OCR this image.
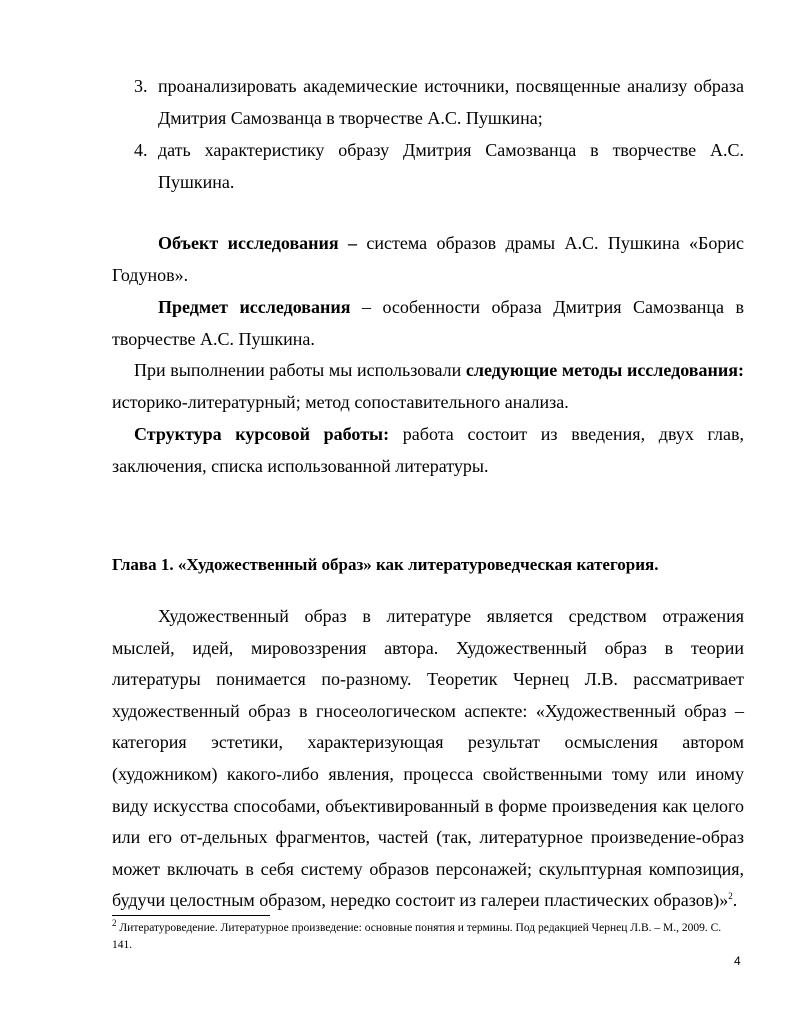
3. проанализировать академические источники, посвященные анализу образа Дмитрия Самозванца в творчестве А.С. Пушкина;
4. дать характеристику образу Дмитрия Самозванца в творчестве А.С. Пушкина.
Объект исследования – система образов драмы А.С. Пушкина «Борис Годунов».
Предмет исследования – особенности образа Дмитрия Самозванца в творчестве А.С. Пушкина.
При выполнении работы мы использовали следующие методы исследования: историко-литературный; метод сопоставительного анализа.
Структура курсовой работы: работа состоит из введения, двух глав, заключения, списка использованной литературы.
Глава 1. «Художественный образ» как литературоведческая категория.
Художественный образ в литературе является средством отражения мыслей, идей, мировоззрения автора. Художественный образ в теории литературы понимается по-разному. Теоретик Чернец Л.В. рассматривает художественный образ в гносеологическом аспекте: «Художественный образ – категория эстетики, характеризующая результат осмысления автором (художником) какого-либо явления, процесса свойственными тому или иному виду искусства способами, объективированный в форме произведения как целого или его от-дельных фрагментов, частей (так, литературное произведение-образ может включать в себя систему образов персонажей; скульптурная композиция, будучи целостным образом, нередко состоит из галереи пластических образов)»$^2$.
$^2$ Литературоведение. Литературное произведение: основные понятия и термины. Под редакцией Чернец Л.В. – М., 2009. С. 141.
4
